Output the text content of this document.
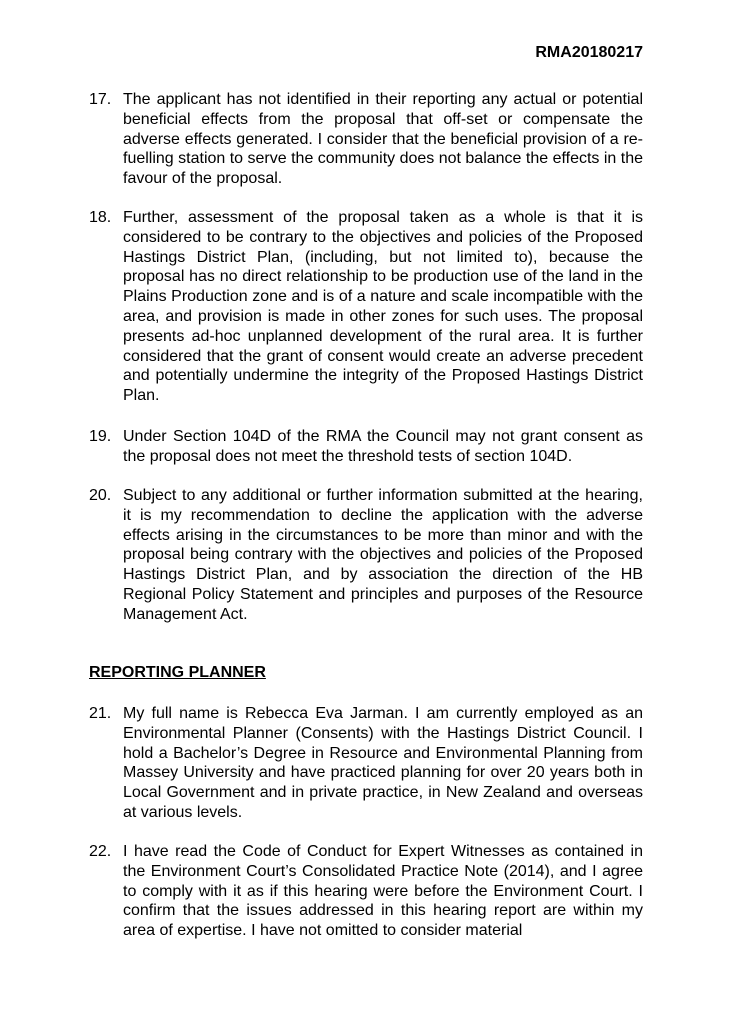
RMA20180217

17. The applicant has not identified in their reporting any actual or potential beneficial effects from the proposal that off-set or compensate the adverse effects generated. I consider that the beneficial provision of a re-fuelling station to serve the community does not balance the effects in the favour of the proposal.
18. Further, assessment of the proposal taken as a whole is that it is considered to be contrary to the objectives and policies of the Proposed Hastings District Plan, (including, but not limited to), because the proposal has no direct relationship to be production use of the land in the Plains Production zone and is of a nature and scale incompatible with the area, and provision is made in other zones for such uses. The proposal presents ad-hoc unplanned development of the rural area. It is further considered that the grant of consent would create an adverse precedent and potentially undermine the integrity of the Proposed Hastings District Plan.
19. Under Section 104D of the RMA the Council may not grant consent as the proposal does not meet the threshold tests of section 104D.
20. Subject to any additional or further information submitted at the hearing, it is my recommendation to decline the application with the adverse effects arising in the circumstances to be more than minor and with the proposal being contrary with the objectives and policies of the Proposed Hastings District Plan, and by association the direction of the HB Regional Policy Statement and principles and purposes of the Resource Management Act.

REPORTING PLANNER

21. My full name is Rebecca Eva Jarman. I am currently employed as an Environmental Planner (Consents) with the Hastings District Council. I hold a Bachelor’s Degree in Resource and Environmental Planning from Massey University and have practiced planning for over 20 years both in Local Government and in private practice, in New Zealand and overseas at various levels.
22. I have read the Code of Conduct for Expert Witnesses as contained in the Environment Court’s Consolidated Practice Note (2014), and I agree to comply with it as if this hearing were before the Environment Court. I confirm that the issues addressed in this hearing report are within my area of expertise. I have not omitted to consider material
